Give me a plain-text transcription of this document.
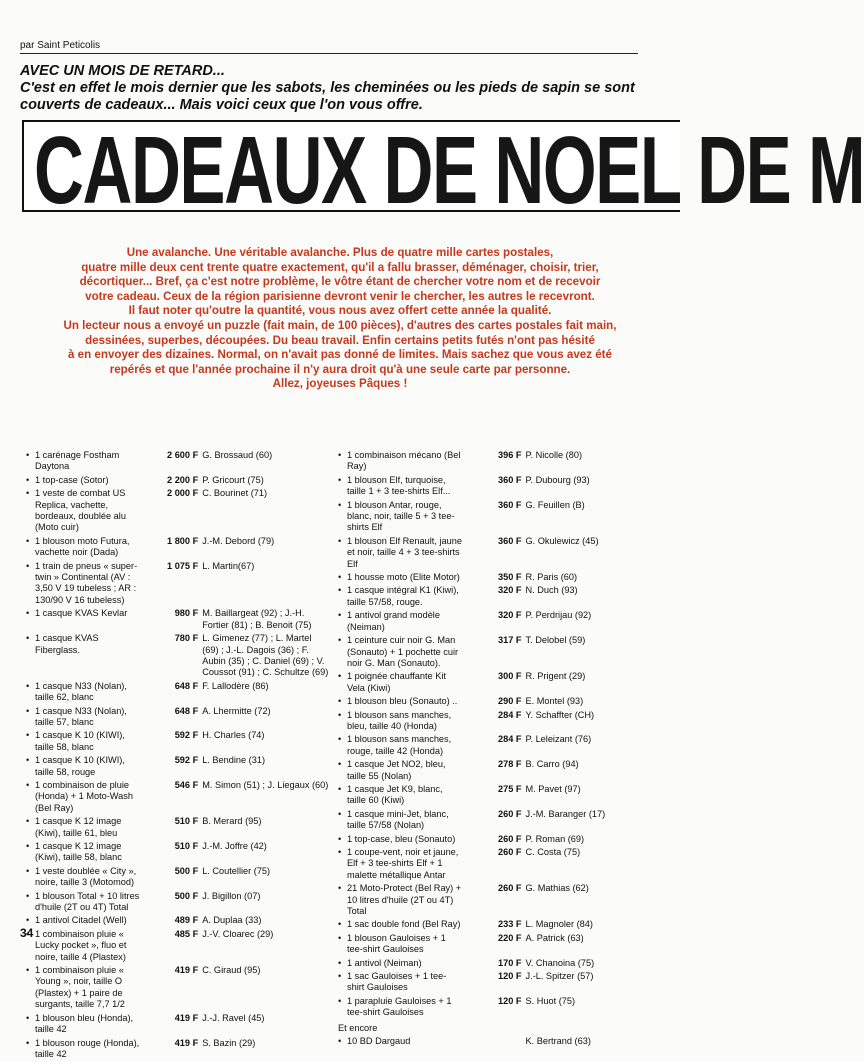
par Saint Peticolis
AVEC UN MOIS DE RETARD...
C'est en effet le mois dernier que les sabots, les cheminées ou les pieds de sapin se sont couverts de cadeaux... Mais voici ceux que l'on vous offre.
CADEAUX DE NOEL DE M
Une avalanche. Une véritable avalanche. Plus de quatre mille cartes postales,
quatre mille deux cent trente quatre exactement, qu'il a fallu brasser, déménager, choisir, trier,
décortiquer... Bref, ça c'est notre problème, le vôtre étant de chercher votre nom et de recevoir
votre cadeau. Ceux de la région parisienne devront venir le chercher, les autres le recevront.
Il faut noter qu'outre la quantité, vous nous avez offert cette année la qualité.
Un lecteur nous a envoyé un puzzle (fait main, de 100 pièces), d'autres des cartes postales fait main,
dessinées, superbes, découpées. Du beau travail. Enfin certains petits futés n'ont pas hésité
à en envoyer des dizaines. Normal, on n'avait pas donné de limites. Mais sachez que vous avez été
repérés et que l'année prochaine il n'y aura droit qu'à une seule carte par personne.
Allez, joyeuses Pâques !
• 1 carénage Fostham Daytona
2 600 F G. Brossaud (60)
• 1 top-case (Sotor)	2 200 F P. Gricourt (75)
• 1 veste de combat US Replica, vachette, bordeaux, doublée alu (Moto cuir)
2 000 F C. Bourinet (71)
• 1 blouson moto Futura, vachette noir (Dada)
1 800 F J.-M. Debord (79)
• 1 train de pneus « super-twin » Continental (AV : 3,50 V 19 tubeless ; AR : 130/90 V 16 tubeless)
1 075 F L. Martin(67)
• 1 casque KVAS Kevlar	980 F M. Baillargeat (92) ; J.-H. Fortier (81) ; B. Benoit (75)
• 1 casque KVAS Fiberglass.
780 F L. Gimenez (77) ; L. Martel (69) ; J.-L. Dagois (36) ; F. Aubin (35) ; C. Daniel (69) ; V. Coussot (91) ; C. Schultze (69)
• 1 casque N33 (Nolan), taille 62, blanc
648 F F. Lallodère (86)
• 1 casque N33 (Nolan), taille 57, blanc
648 F A. Lhermitte (72)
• 1 casque K 10 (KIWI), taille 58, blanc
592 F H. Charles (74)
• 1 casque K 10 (KIWI), taille 58, rouge
592 F L. Bendine (31)
• 1 combinaison de pluie (Honda) + 1 Moto-Wash (Bel Ray)
546 F M. Simon (51) ; J. Liegaux (60)
• 1 casque K 12 image (Kiwi), taille 61, bleu
510 F B. Merard (95)
• 1 casque K 12 image (Kiwi), taille 58, blanc
510 F J.-M. Joffre (42)
• 1 veste doublée « City », noire, taille 3 (Motomod)
500 F L. Coutellier (75)
• 1 blouson Total + 10 litres d'huile (2T ou 4T) Total
500 F J. Bigillon (07)
• 1 antivol Citadel (Well)	489 F A. Duplaa (33)
• 1 combinaison pluie « Lucky pocket », fluo et noire, taille 4 (Plastex)
485 F J.-V. Cloarec (29)
• 1 combinaison pluie « Young », noir, taille O (Plastex) + 1 paire de surgants, taille 7,7 1/2
419 F C. Giraud (95)
• 1 blouson bleu (Honda), taille 42
419 F J.-J. Ravel (45)
• 1 blouson rouge (Honda), taille 42
419 F S. Bazin (29)
• 1 combinaison mécano (Bel Ray)
396 F P. Nicolle (80)
• 1 blouson Elf, turquoise, taille 1 + 3 tee-shirts Elf...
360 F P. Dubourg (93)
• 1 blouson Antar, rouge, blanc, noir, taille 5 + 3 tee-shirts Elf
360 F G. Feuillen (B)
• 1 blouson Elf Renault, jaune et noir, taille 4 + 3 tee-shirts Elf
360 F G. Okulewicz (45)
• 1 housse moto (Elite Motor)	350 F R. Paris (60)
• 1 casque intégral K1 (Kiwi), taille 57/58, rouge.
320 F N. Duch (93)
• 1 antivol grand modèle (Neiman)
320 F P. Perdrijau (92)
• 1 ceinture cuir noir G. Man (Sonauto) + 1 pochette cuir noir G. Man (Sonauto).
317 F T. Delobel (59)
• 1 poignée chauffante Kit Vela (Kiwi)
300 F R. Prigent (29)
• 1 blouson bleu (Sonauto) ..	290 F E. Montel (93)
• 1 blouson sans manches, bleu, taille 40 (Honda)
284 F Y. Schaffter (CH)
• 1 blouson sans manches, rouge, taille 42 (Honda)
284 F P. Leleizant (76)
• 1 casque Jet NO2, bleu, taille 55 (Nolan)
278 F B. Carro (94)
• 1 casque Jet K9, blanc, taille 60 (Kiwi)
275 F M. Pavet (97)
• 1 casque mini-Jet, blanc, taille 57/58 (Nolan)
260 F J.-M. Baranger (17)
• 1 top-case, bleu (Sonauto)	260 F P. Roman (69)
• 1 coupe-vent, noir et jaune, Elf + 3 tee-shirts Elf + 1 malette métallique Antar
260 F C. Costa (75)
• 21 Moto-Protect (Bel Ray) + 10 litres d'huile (2T ou 4T) Total
260 F G. Mathias (62)
• 1 sac double fond (Bel Ray)	233 F L. Magnoler (84)
• 1 blouson Gauloises + 1 tee-shirt Gauloises
220 F A. Patrick (63)
• 1 antivol (Neiman)	170 F V. Chanoina (75)
• 1 sac Gauloises + 1 tee-shirt Gauloises
120 F J.-L. Spitzer (57)
• 1 parapluie Gauloises + 1 tee-shirt Gauloises
120 F S. Huot (75)
Et encore
• 10 BD Dargaud	K. Bertrand (63)
34
